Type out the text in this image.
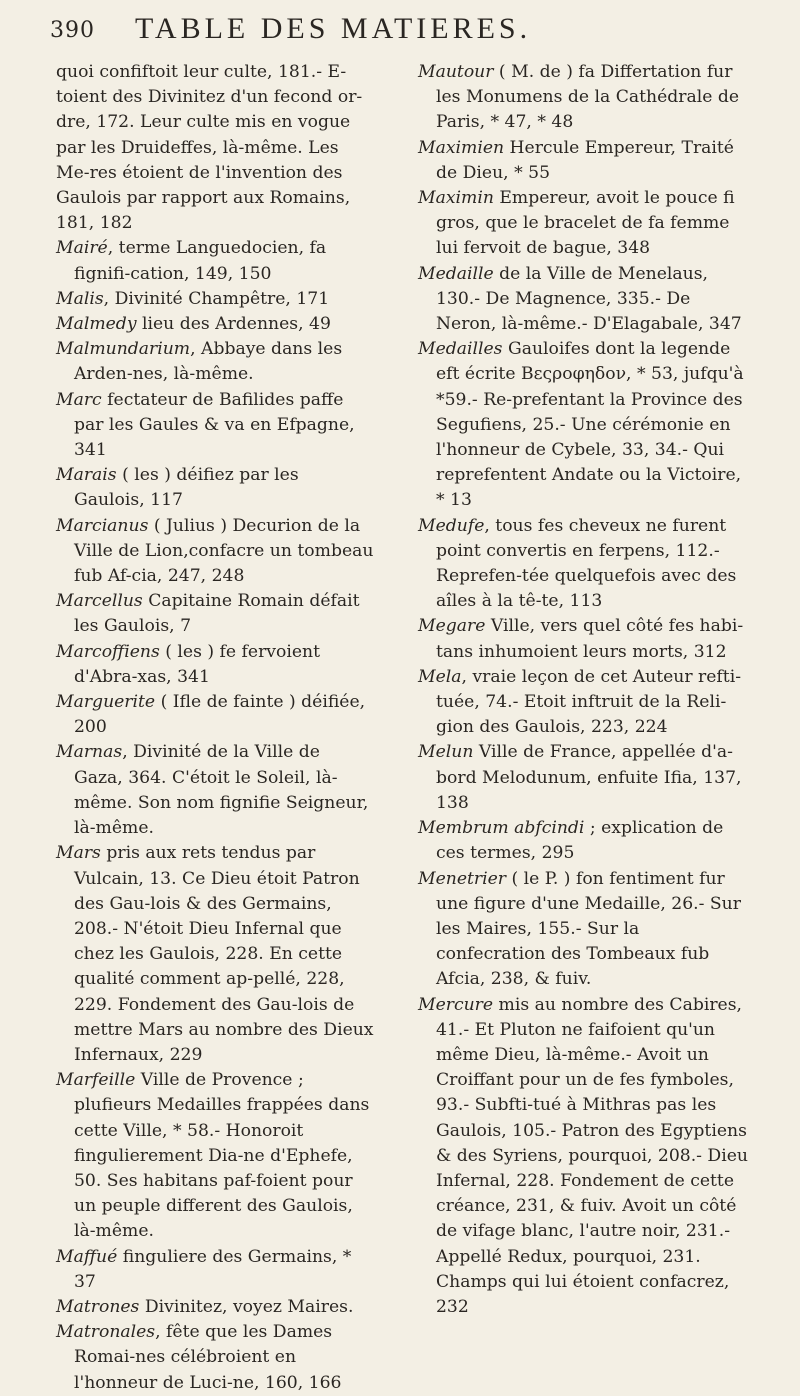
390 TABLE DES MATIERES.

quoi confiftoit leur culte, 181.- E-toient des Divinitez d'un fecond or-dre, 172. Leur culte mis en vogue par les Druideffes, là-même. Les Me-res étoient de l'invention des Gaulois par rapport aux Romains, 181, 182

Mairé, terme Languedocien, fa fignifi-cation, 149, 150

Malis, Divinité Champêtre, 171

Malmedy lieu des Ardennes, 49

Malmundarium, Abbaye dans les Arden-nes, là-même.

Marc fectateur de Bafilides paffe par les Gaules & va en Efpagne, 341

Marais ( les ) déifiez par les Gaulois, 117

Marcianus ( Julius ) Decurion de la Ville de Lion,confacre un tombeau fub Af-cia, 247, 248

Marcellus Capitaine Romain défait les Gaulois, 7

Marcoffiens ( les ) fe fervoient d'Abra-xas, 341

Marguerite ( Ifle de fainte ) déifiée, 200

Marnas, Divinité de la Ville de Gaza, 364. C'étoit le Soleil, là-même. Son nom fignifie Seigneur, là-même.

Mars pris aux rets tendus par Vulcain, 13. Ce Dieu étoit Patron des Gau-lois & des Germains, 208.- N'étoit Dieu Infernal que chez les Gaulois, 228. En cette qualité comment ap-pellé, 228, 229. Fondement des Gau-lois de mettre Mars au nombre des Dieux Infernaux, 229

Marfeille Ville de Provence ; plufieurs Medailles frappées dans cette Ville, * 58.- Honoroit fingulierement Dia-ne d'Ephefe, 50. Ses habitans paf-foient pour un peuple different des Gaulois, là-même.

Maffué finguliere des Germains, * 37

Matrones Divinitez, voyez Maires.

Matronales, fête que les Dames Romai-nes célébroient en l'honneur de Luci-ne, 160, 166

Mautour ( M. de ) fa Differtation fur les Monumens de la Cathédrale de Paris, * 47, * 48

Maximien Hercule Empereur, Traité de Dieu, * 55

Maximin Empereur, avoit le pouce fi gros, que le bracelet de fa femme lui fervoit de bague, 348

Medaille de la Ville de Menelaus, 130.- De Magnence, 335.- De Neron, là-même.- D'Elagabale, 347

Medailles Gauloifes dont la legende eft écrite Βεςροφηδον, * 53, jufqu'à *59.- Re-prefentant la Province des Segufiens, 25.- Une cérémonie en l'honneur de Cybele, 33, 34.- Qui reprefentent Andate ou la Victoire, * 13

Medufe, tous fes cheveux ne furent point convertis en ferpens, 112.- Reprefen-tée quelquefois avec des aîles à la tê-te, 113

Megare Ville, vers quel côté fes habi-tans inhumoient leurs morts, 312

Mela, vraie leçon de cet Auteur refti-tuée, 74.- Etoit inftruit de la Reli-gion des Gaulois, 223, 224

Melun Ville de France, appellée d'a-bord Melodunum, enfuite Ifia, 137, 138

Membrum abfcindi ; explication de ces termes, 295

Menetrier ( le P. ) fon fentiment fur une figure d'une Medaille, 26.- Sur les Maires, 155.- Sur la confecration des Tombeaux fub Afcia, 238, & fuiv.

Mercure mis au nombre des Cabires, 41.- Et Pluton ne faifoient qu'un même Dieu, là-même.- Avoit un Croiffant pour un de fes fymboles, 93.- Subfti-tué à Mithras pas les Gaulois, 105.- Patron des Egyptiens & des Syriens, pourquoi, 208.- Dieu Infernal, 228. Fondement de cette créance, 231, & fuiv. Avoit un côté de vifage blanc, l'autre noir, 231.- Appellé Redux, pourquoi, 231. Champs qui lui étoient confacrez, 232
